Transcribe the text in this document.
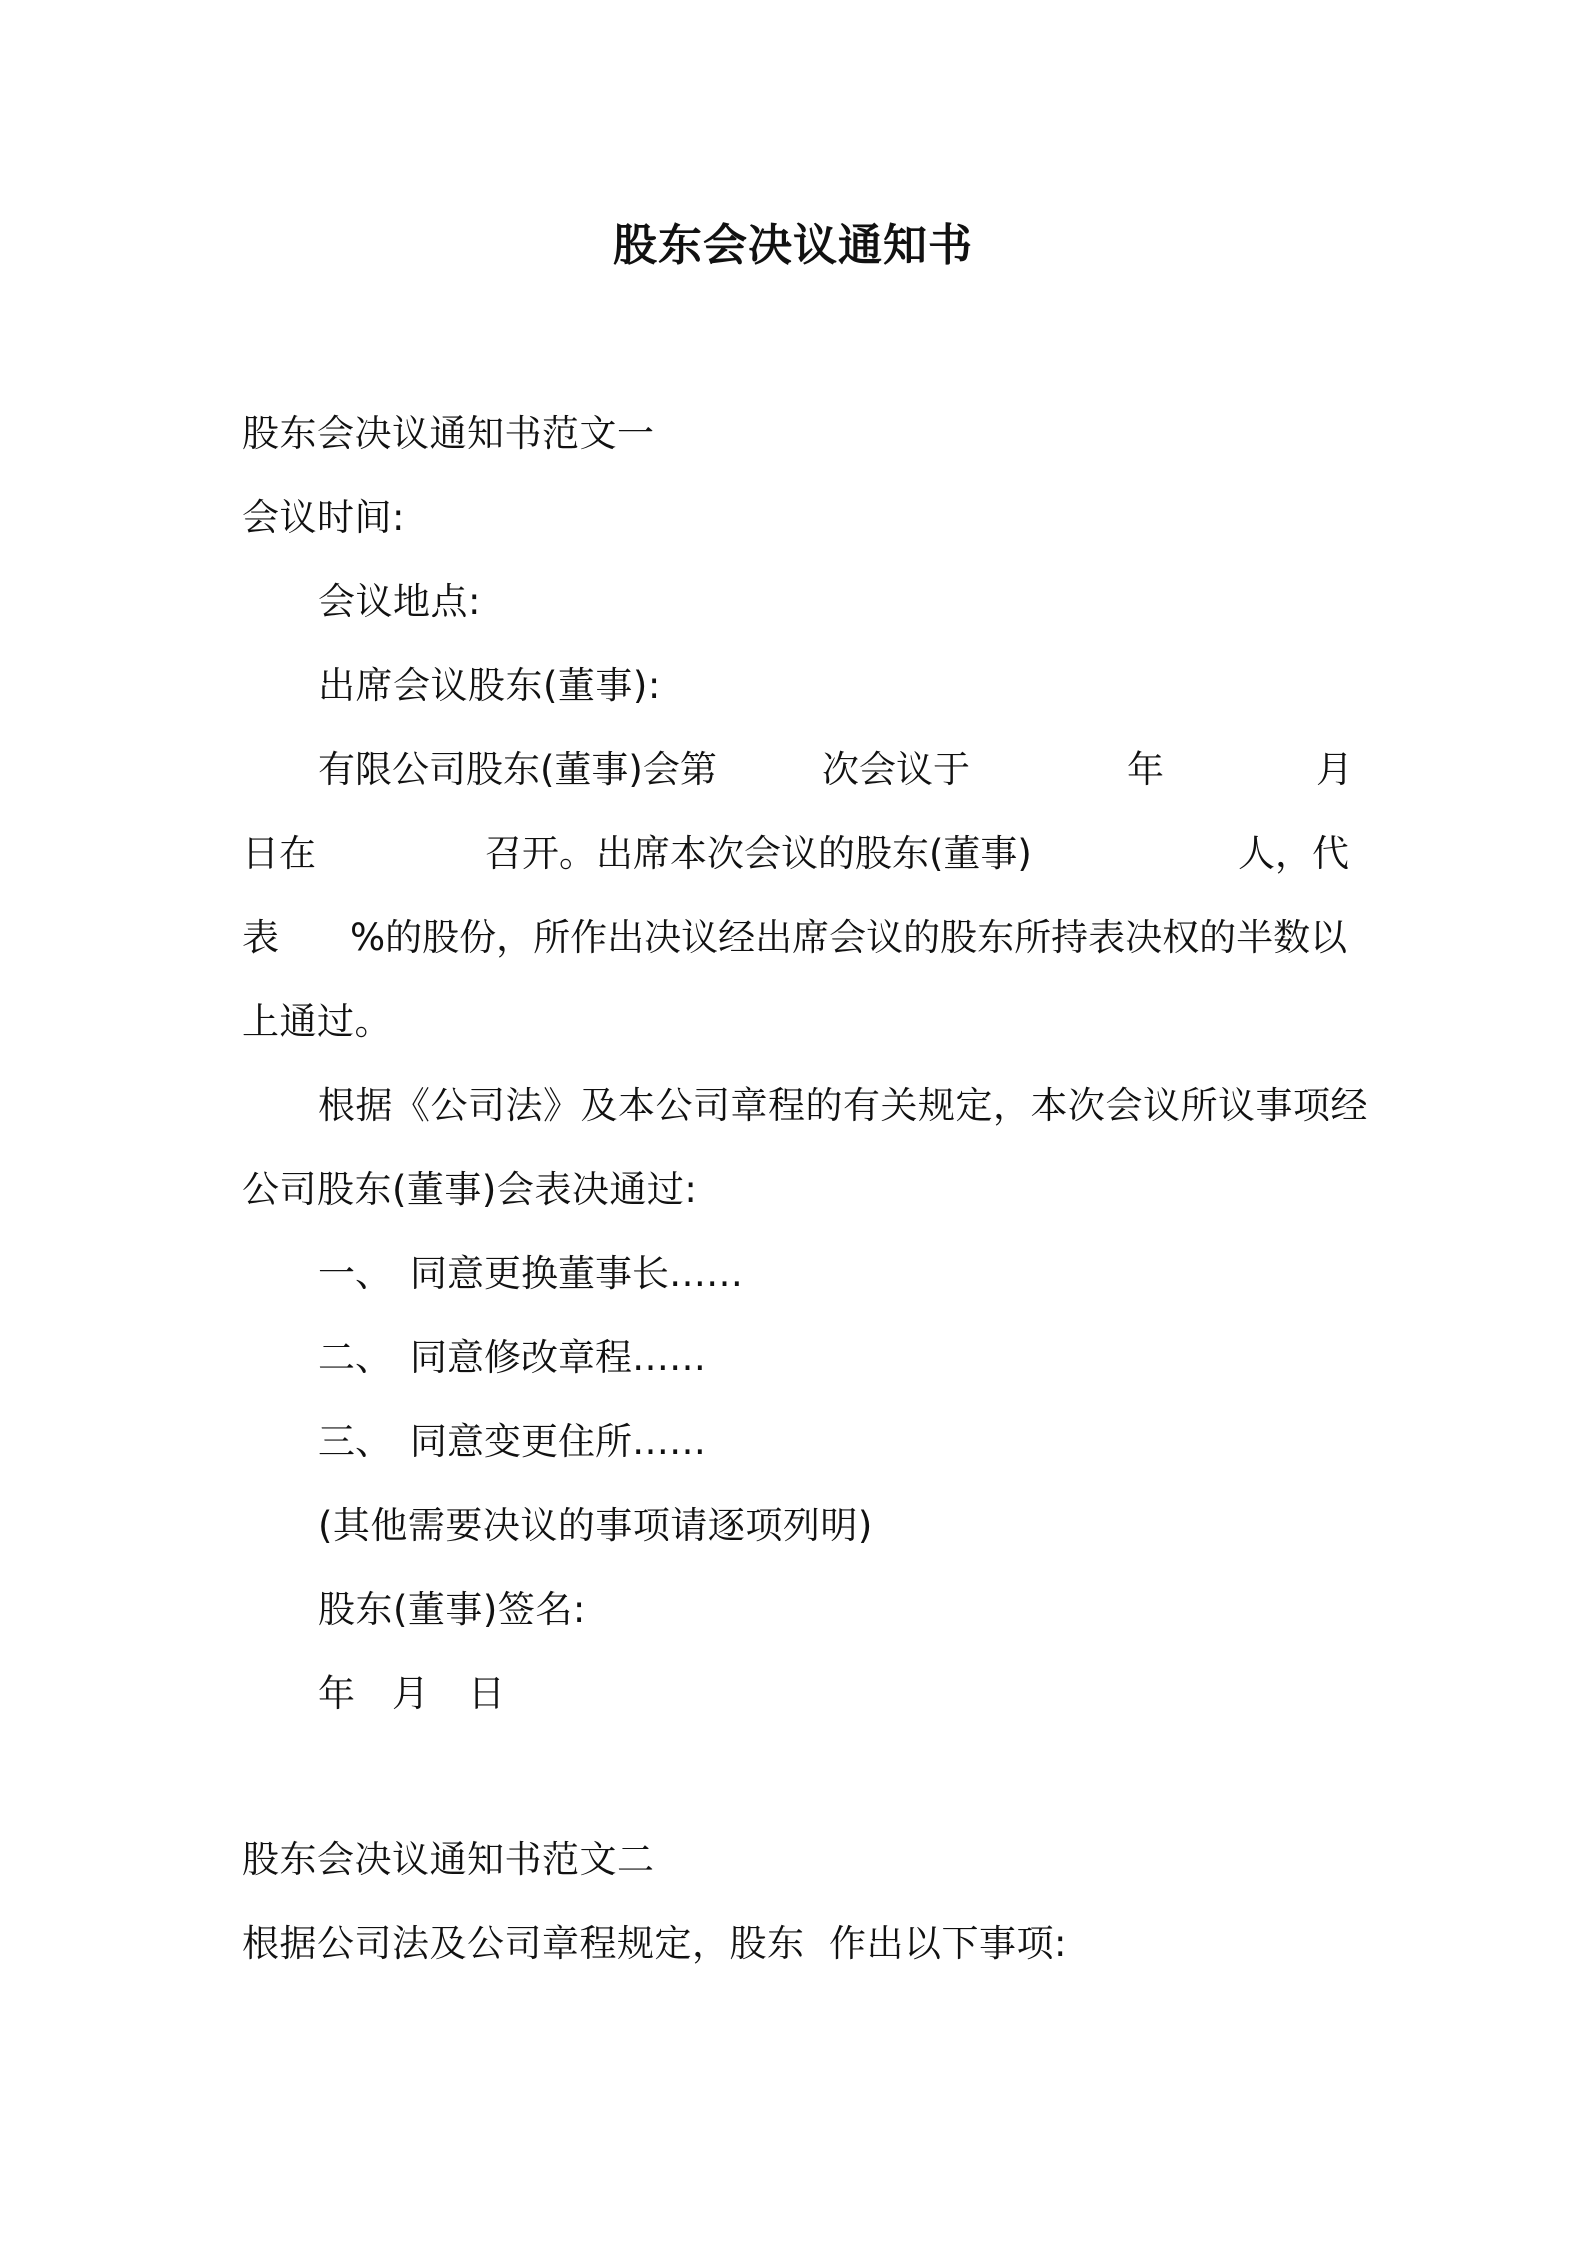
股东会决议通知书
股东会决议通知书范文一
会议时间:
会议地点:
出席会议股东(董事):
有限公司股东(董事)会第	次会议于	年	月
日在	召开。出席本次会议的股东(董事)	人，代
表 %的股份，所作出决议经出席会议的股东所持表决权的半数以
上通过。
根据《公司法》及本公司章程的有关规定，本次会议所议事项经
公司股东(董事)会表决通过:
一、 同意更换董事长……
二、 同意修改章程……
三、 同意变更住所……
(其他需要决议的事项请逐项列明)
股东(董事)签名:
年 月 日
股东会决议通知书范文二
根据公司法及公司章程规定，股东  作出以下事项:
